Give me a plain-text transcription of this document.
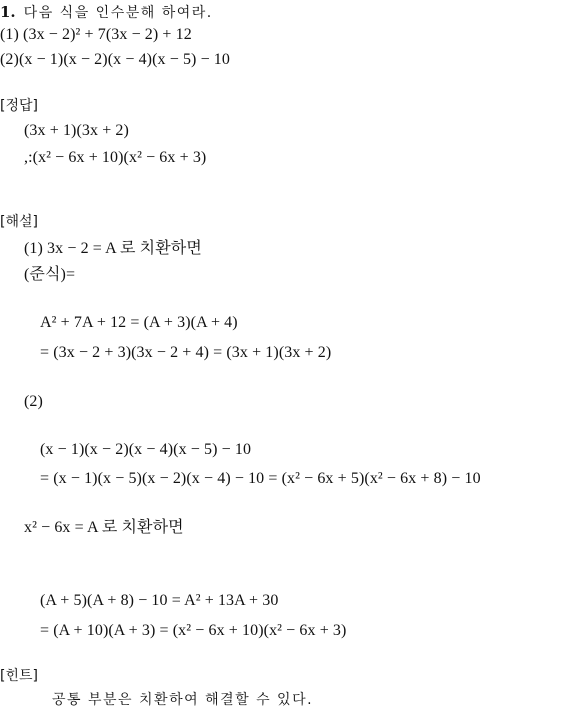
1. 다음 식을 인수분해 하여라.
(1) (3x − 2)² + 7(3x − 2) + 12
(2)(x − 1)(x − 2)(x − 4)(x − 5) − 10
[정답]
(3x + 1)(3x + 2)
,:(x² − 6x + 10)(x² − 6x + 3)
[해설]
(1) 3x − 2 = A 로 치환하면
(준식)=
A² + 7A + 12 = (A + 3)(A + 4)
= (3x − 2 + 3)(3x − 2 + 4) = (3x + 1)(3x + 2)
(2)
(x − 1)(x − 2)(x − 4)(x − 5) − 10
= (x − 1)(x − 5)(x − 2)(x − 4) − 10 = (x² − 6x + 5)(x² − 6x + 8) − 10
x² − 6x = A 로 치환하면
(A + 5)(A + 8) − 10 = A² + 13A + 30
= (A + 10)(A + 3) = (x² − 6x + 10)(x² − 6x + 3)
[힌트]
공통 부분은 치환하여 해결할 수 있다.
